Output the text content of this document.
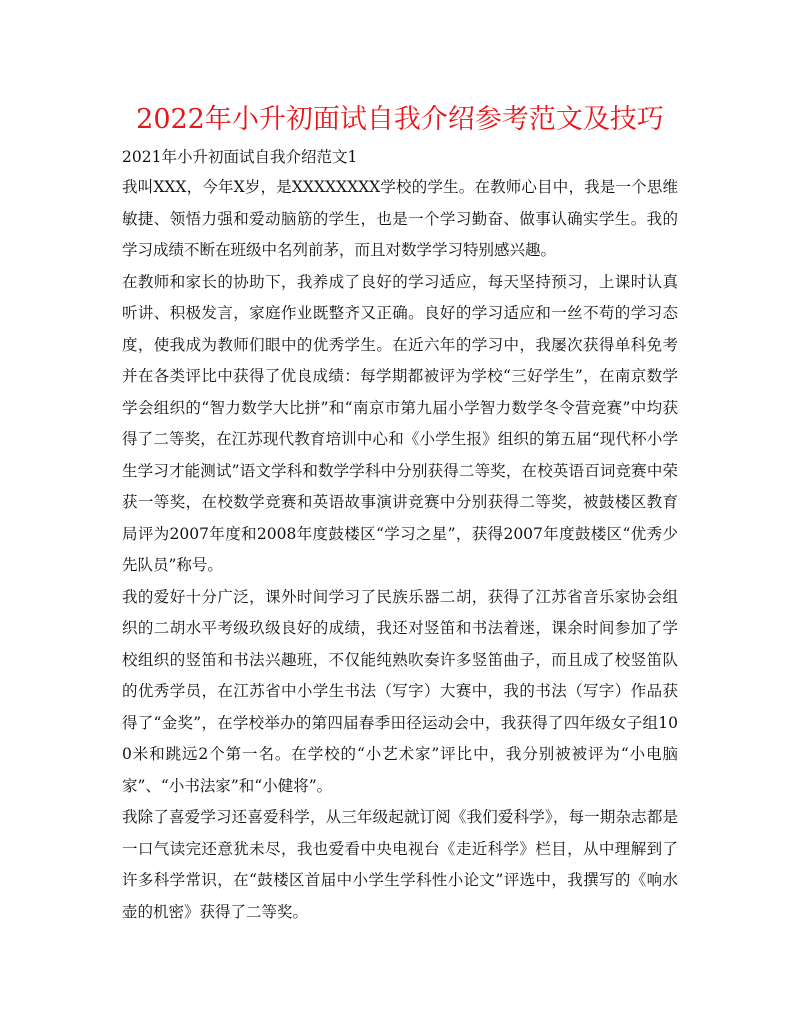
2022年小升初面试自我介绍参考范文及技巧
2021年小升初面试自我介绍范文1

我叫XXX，今年X岁，是XXXXXXXX学校的学生。在教师心目中，我是一个思维敏捷、领悟力强和爱动脑筋的学生，也是一个学习勤奋、做事认确实学生。我的学习成绩不断在班级中名列前茅，而且对数学学习特别感兴趣。

在教师和家长的协助下，我养成了良好的学习适应，每天坚持预习，上课时认真听讲、积极发言，家庭作业既整齐又正确。良好的学习适应和一丝不苟的学习态度，使我成为教师们眼中的优秀学生。在近六年的学习中，我屡次获得单科免考并在各类评比中获得了优良成绩：每学期都被评为学校“三好学生”，在南京数学学会组织的“智力数学大比拼”和“南京市第九届小学智力数学冬令营竞赛”中均获得了二等奖，在江苏现代教育培训中心和《小学生报》组织的第五届“现代杯小学生学习才能测试”语文学科和数学学科中分别获得二等奖，在校英语百词竞赛中荣获一等奖，在校数学竞赛和英语故事演讲竞赛中分别获得二等奖，被鼓楼区教育局评为2007年度和2008年度鼓楼区“学习之星”，获得2007年度鼓楼区“优秀少先队员”称号。

我的爱好十分广泛，课外时间学习了民族乐器二胡，获得了江苏省音乐家协会组织的二胡水平考级玖级良好的成绩，我还对竖笛和书法着迷，课余时间参加了学校组织的竖笛和书法兴趣班，不仅能纯熟吹奏许多竖笛曲子，而且成了校竖笛队的优秀学员，在江苏省中小学生书法（写字）大赛中，我的书法（写字）作品获得了“金奖”，在学校举办的第四届春季田径运动会中，我获得了四年级女子组100米和跳远2个第一名。在学校的“小艺术家”评比中，我分别被被评为“小电脑家”、“小书法家”和“小健将”。

我除了喜爱学习还喜爱科学，从三年级起就订阅《我们爱科学》，每一期杂志都是一口气读完还意犹未尽，我也爱看中央电视台《走近科学》栏目，从中理解到了许多科学常识，在“鼓楼区首届中小学生学科性小论文”评选中，我撰写的《响水壶的机密》获得了二等奖。
